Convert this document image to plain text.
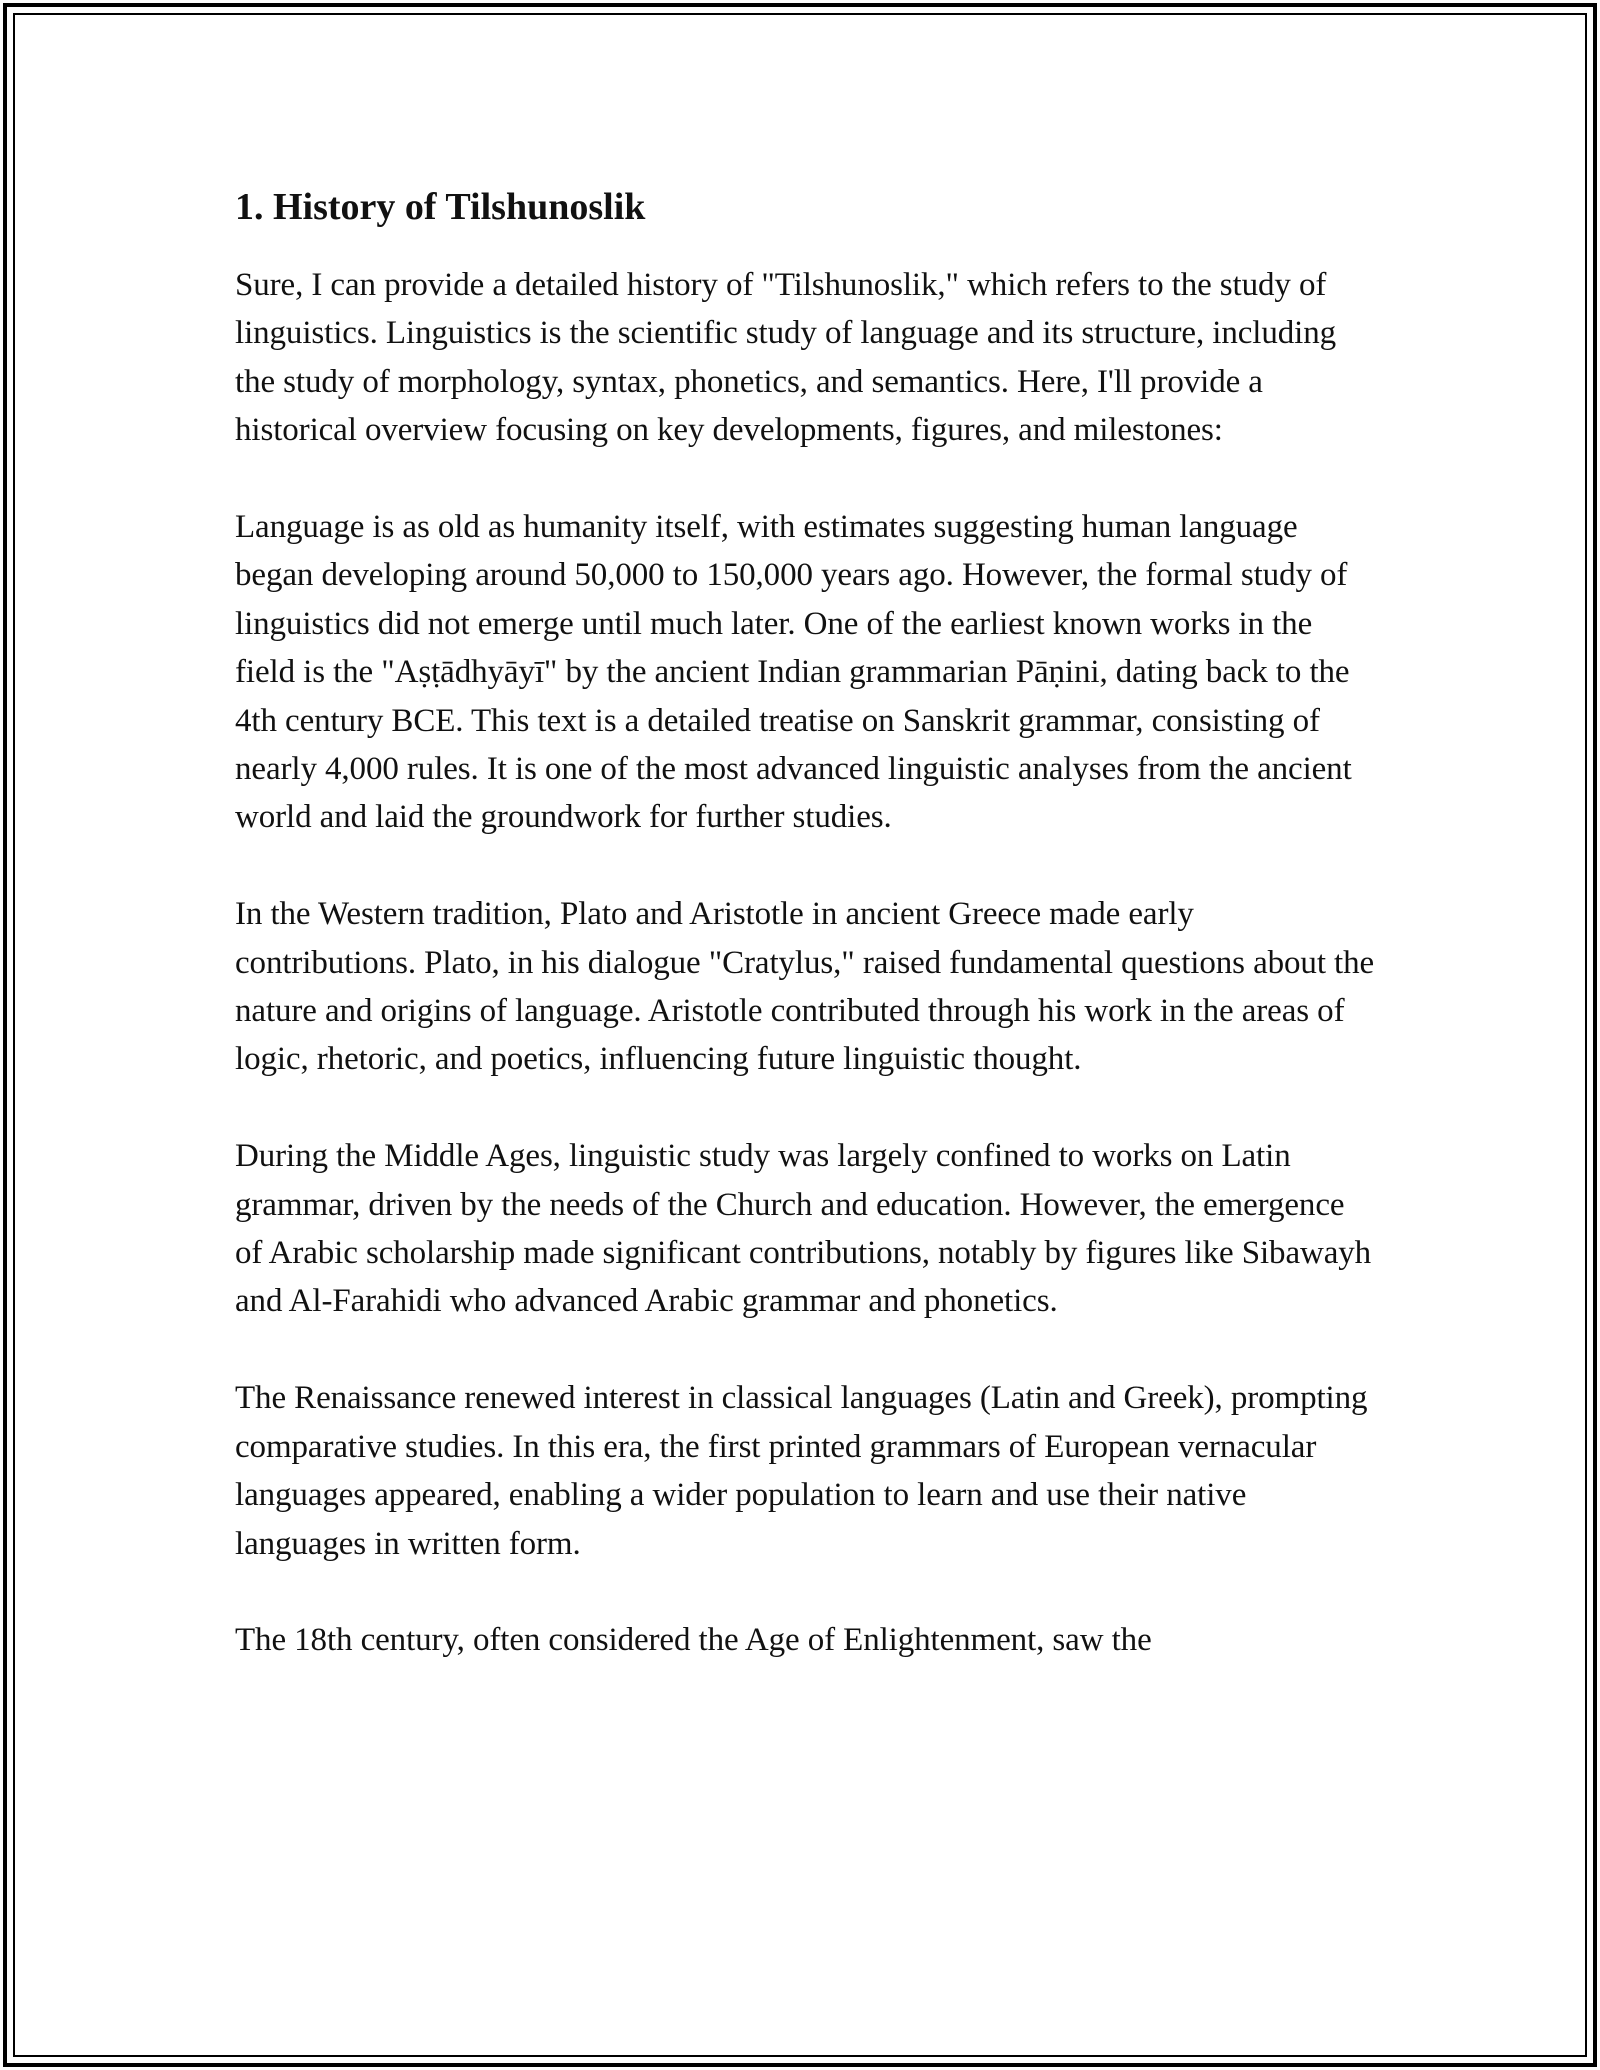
1. History of Tilshunoslik

Sure, I can provide a detailed history of "Tilshunoslik," which refers to the study of linguistics. Linguistics is the scientific study of language and its structure, including the study of morphology, syntax, phonetics, and semantics. Here, I'll provide a historical overview focusing on key developments, figures, and milestones:

Language is as old as humanity itself, with estimates suggesting human language began developing around 50,000 to 150,000 years ago. However, the formal study of linguistics did not emerge until much later. One of the earliest known works in the field is the "Aṣṭādhyāyī" by the ancient Indian grammarian Pāṇini, dating back to the 4th century BCE. This text is a detailed treatise on Sanskrit grammar, consisting of nearly 4,000 rules. It is one of the most advanced linguistic analyses from the ancient world and laid the groundwork for further studies.

In the Western tradition, Plato and Aristotle in ancient Greece made early contributions. Plato, in his dialogue "Cratylus," raised fundamental questions about the nature and origins of language. Aristotle contributed through his work in the areas of logic, rhetoric, and poetics, influencing future linguistic thought.

During the Middle Ages, linguistic study was largely confined to works on Latin grammar, driven by the needs of the Church and education. However, the emergence of Arabic scholarship made significant contributions, notably by figures like Sibawayh and Al-Farahidi who advanced Arabic grammar and phonetics.

The Renaissance renewed interest in classical languages (Latin and Greek), prompting comparative studies. In this era, the first printed grammars of European vernacular languages appeared, enabling a wider population to learn and use their native languages in written form.

The 18th century, often considered the Age of Enlightenment, saw the
